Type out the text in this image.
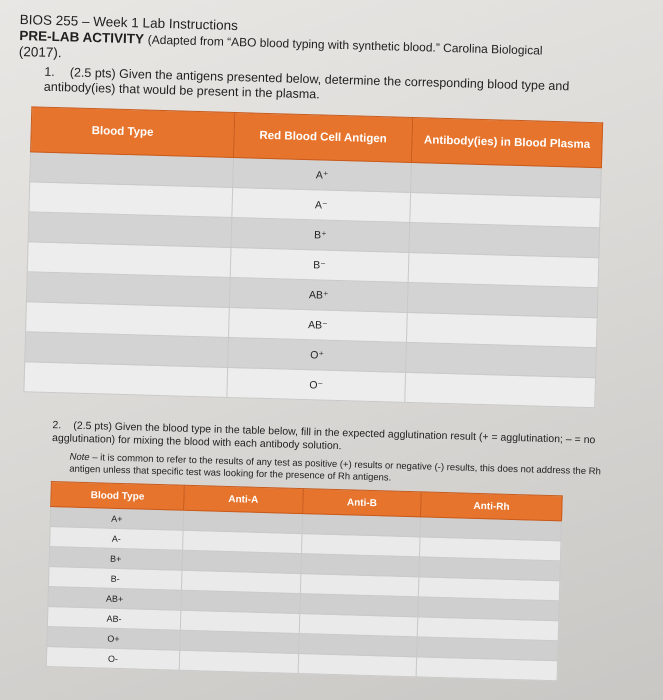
BIOS 255 – Week 1 Lab Instructions
PRE-LAB ACTIVITY (Adapted from “ABO blood typing with synthetic blood.” Carolina Biological
(2017).
1. (2.5 pts) Given the antigens presented below, determine the corresponding blood type and antibody(ies) that would be present in the plasma.
Blood Type	Red Blood Cell Antigen	Antibody(ies) in Blood Plasma
	A⁺	
	A⁻	
	B⁺	
	B⁻	
	AB⁺	
	AB⁻	
	O⁺	
	O⁻	
2. (2.5 pts) Given the blood type in the table below, fill in the expected agglutination result (+ = agglutination; – = no agglutination) for mixing the blood with each antibody solution.
Note – it is common to refer to the results of any test as positive (+) results or negative (-) results, this does not address the Rh antigen unless that specific test was looking for the presence of Rh antigens.
Blood Type	Anti-A	Anti-B	Anti-Rh
A+			
A-			
B+			
B-			
AB+			
AB-			
O+			
O-			
